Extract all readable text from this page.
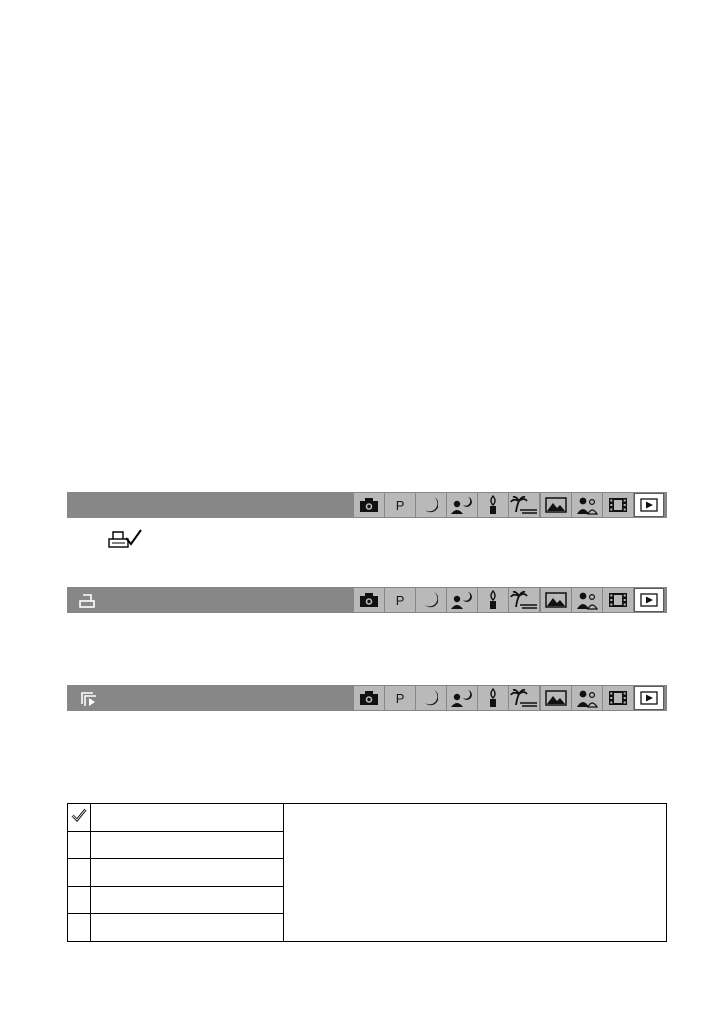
P
P
P
